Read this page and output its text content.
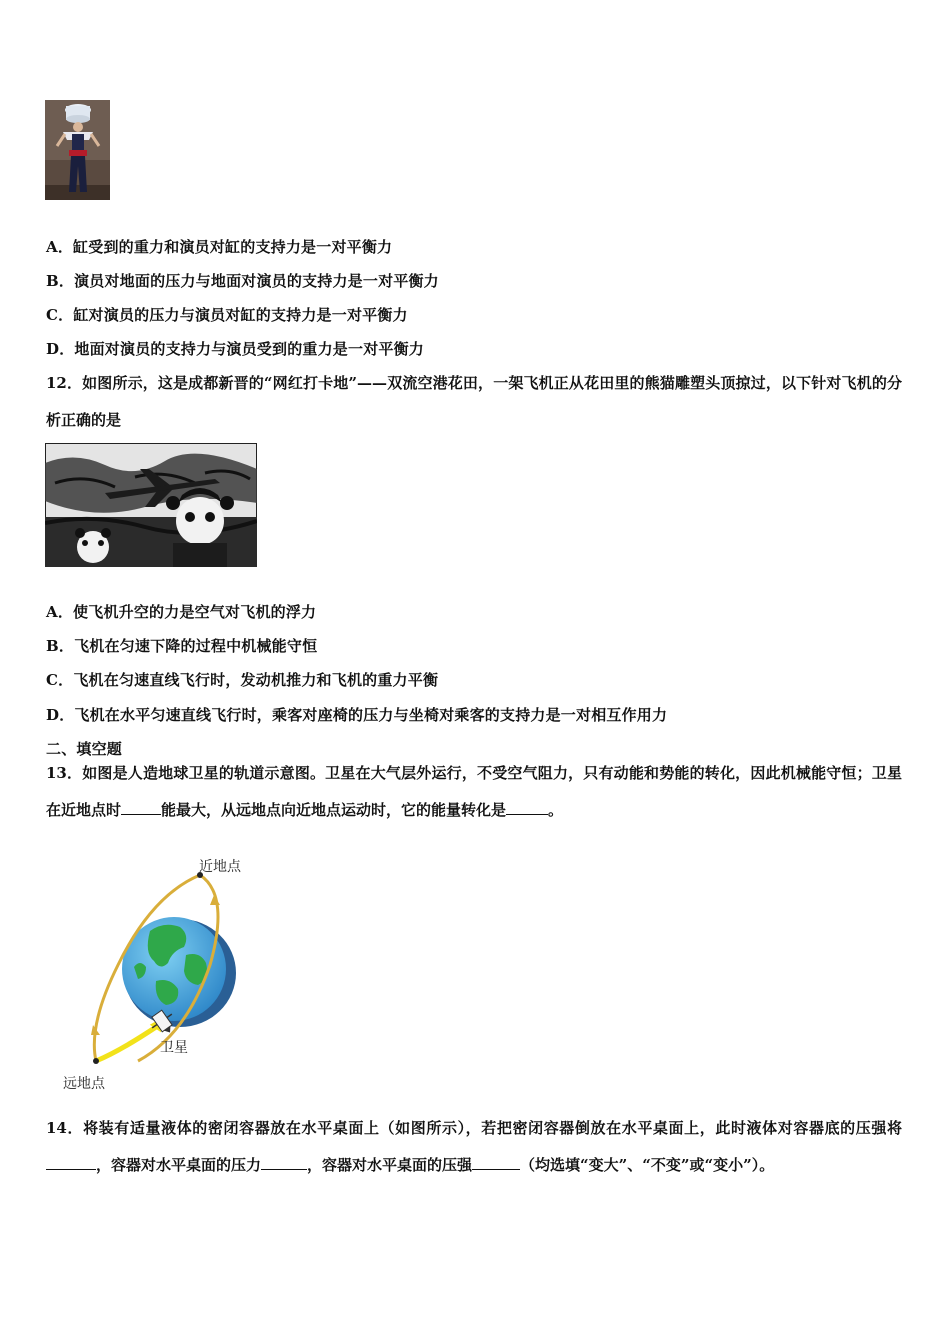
A．缸受到的重力和演员对缸的支持力是一对平衡力
B．演员对地面的压力与地面对演员的支持力是一对平衡力
C．缸对演员的压力与演员对缸的支持力是一对平衡力
D．地面对演员的支持力与演员受到的重力是一对平衡力
12．如图所示，这是成都新晋的“网红打卡地”——双流空港花田，一架飞机正从花田里的熊猫雕塑头顶掠过，以下针对飞机的分析正确的是
A．使飞机升空的力是空气对飞机的浮力
B．飞机在匀速下降的过程中机械能守恒
C．飞机在匀速直线飞行时，发动机推力和飞机的重力平衡
D．飞机在水平匀速直线飞行时，乘客对座椅的压力与坐椅对乘客的支持力是一对相互作用力
二、填空题
13．如图是人造地球卫星的轨道示意图。卫星在大气层外运行，不受空气阻力，只有动能和势能的转化，因此机械能守恒；卫星在近地点时	能最大，从远地点向近地点运动时，它的能量转化是	。
近地点
卫星
远地点
14．将装有适量液体的密闭容器放在水平桌面上（如图所示），若把密闭容器倒放在水平桌面上，此时液体对容器底的压强将，容器对水平桌面的压力	，容器对水平桌面的压强	（均选填“变大”、“不变”或“变小”）。
